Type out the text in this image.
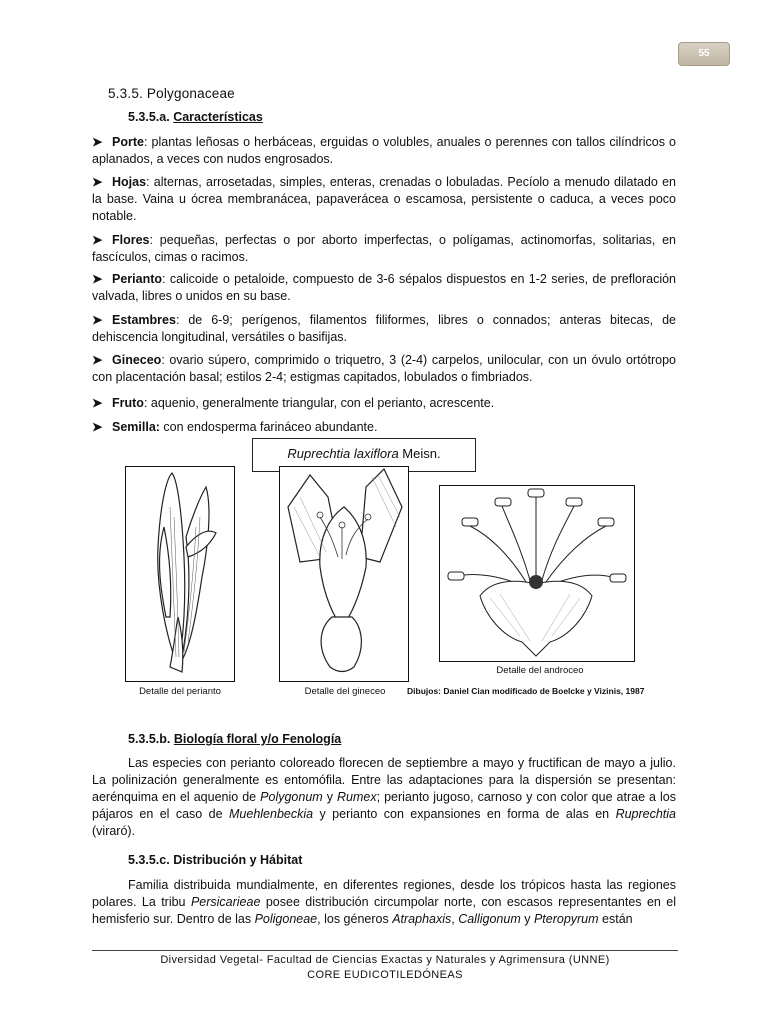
55
5.3.5. Polygonaceae
5.3.5.a. Características
➤ Porte: plantas leñosas o herbáceas, erguidas o volubles, anuales o perennes con tallos cilíndricos o aplanados, a veces con nudos engrosados.
➤ Hojas: alternas, arrosetadas, simples, enteras, crenadas o lobuladas. Pecíolo a menudo dilatado en la base. Vaina u ócrea membranácea, papaverácea o escamosa, persistente o caduca, a veces poco notable.
➤ Flores: pequeñas, perfectas o por aborto imperfectas, o polígamas, actinomorfas, solitarias, en fascículos, cimas o racimos.
➤ Perianto: calicoide o petaloide, compuesto de 3-6 sépalos dispuestos en 1-2 series, de prefloración valvada, libres o unidos en su base.
➤ Estambres: de 6-9; perígenos, filamentos filiformes, libres o connados; anteras bitecas, de dehiscencia longitudinal, versátiles o basifijas.
➤ Gineceo: ovario súpero, comprimido o triquetro, 3 (2-4) carpelos, unilocular, con un óvulo ortótropo con placentación basal; estilos 2-4; estigmas capitados, lobulados o fimbriados.
➤ Fruto: aquenio, generalmente triangular, con el perianto, acrescente.
➤ Semilla: con endosperma farináceo abundante.
Ruprechtia laxiflora Meisn.
Detalle del perianto	Detalle del gineceo
Detalle del androceo
Dibujos: Daniel Cian modificado de Boelcke y Vizinis, 1987
5.3.5.b. Biología floral y/o Fenología
Las especies con perianto coloreado florecen de septiembre a mayo y fructifican de mayo a julio. La polinización generalmente es entomófila. Entre las adaptaciones para la dispersión se presentan: aerénquima en el aquenio de Polygonum y Rumex; perianto jugoso, carnoso y con color que atrae a los pájaros en el caso de Muehlenbeckia y perianto con expansiones en forma de alas en Ruprechtia (viraró).
5.3.5.c. Distribución y Hábitat
Familia distribuida mundialmente, en diferentes regiones, desde los trópicos hasta las regiones polares. La tribu Persicarieae posee distribución circumpolar norte, con escasos representantes en el hemisferio sur. Dentro de las Poligoneae, los géneros Atraphaxis, Calligonum y Pteropyrum están
Diversidad Vegetal- Facultad de Ciencias Exactas y Naturales y Agrimensura (UNNE)
CORE EUDICOTILEDÓNEAS
